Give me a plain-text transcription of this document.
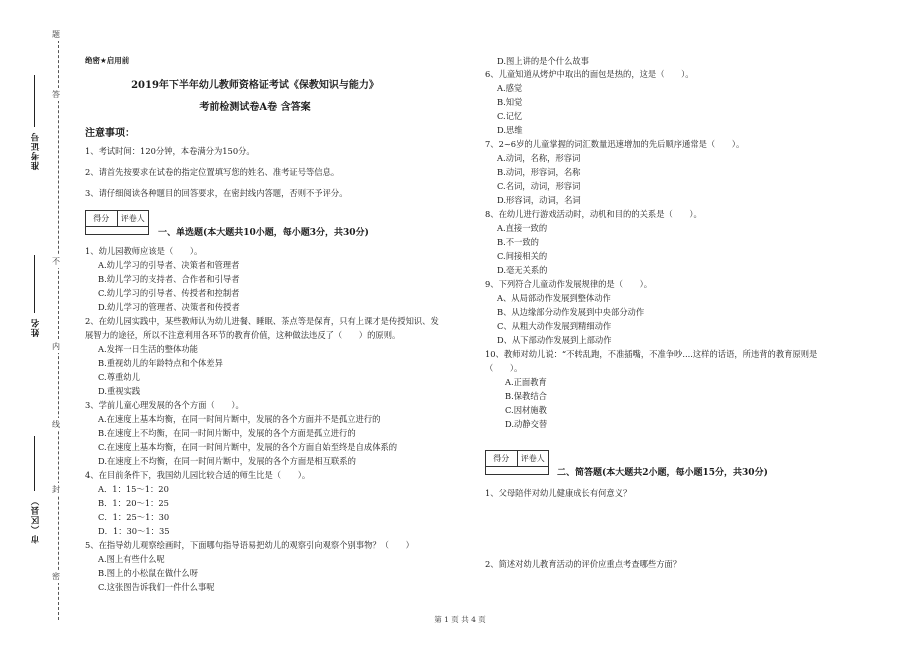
题
答
不
内
线
封
密
准考证号
姓名
市（区县）
绝密★启用前
2019年下半年幼儿教师资格证考试《保教知识与能力》
考前检测试卷A卷 含答案
注意事项：
1、考试时间：120分钟，本卷满分为150分。
2、请首先按要求在试卷的指定位置填写您的姓名、准考证号等信息。
3、请仔细阅读各种题目的回答要求，在密封线内答题，否则不予评分。
得分	评卷人
一、单选题(本大题共10小题，每小题3分，共30分)
1、幼儿园教师应该是（　　）。
A.幼儿学习的引导者、决策者和管理者
B.幼儿学习的支持者、合作者和引导者
C.幼儿学习的引导者、传授者和控制者
D.幼儿学习的管理者、决策者和传授者
2、在幼儿园实践中，某些教师认为幼儿进餐、睡眠、茶点等是保育，只有上课才是传授知识、发
展智力的途径，所以不注意利用各环节的教育价值，这种做法违反了（　　）的原则。
A.发挥一日生活的整体功能
B.重视幼儿的年龄特点和个体差异
C.尊重幼儿
D.重视实践
3、学前儿童心理发展的各个方面（　　）。
A.在速度上基本均衡，在同一时间片断中，发展的各个方面并不是孤立进行的
B.在速度上不均衡，在同一时间片断中，发展的各个方面是孤立进行的
C.在速度上基本均衡，在同一时间片断中，发展的各个方面自始至终是自成体系的
D.在速度上不均衡，在同一时间片断中，发展的各个方面是相互联系的
4、在目前条件下，我国幼儿园比较合适的师生比是（　　）。
A．1：15～1：20
B．1：20～1：25
C．1：25～1：30
D．1：30～1：35
5、在指导幼儿观察绘画时，下面哪句指导语易把幼儿的观察引向观察个别事物？（　　）
A.图上有些什么呢
B.图上的小松鼠在做什么呀
C.这张图告诉我们一件什么事呢
D.图上讲的是个什么故事
6、儿童知道从烤炉中取出的面包是热的，这是（　　）。
A.感觉
B.知觉
C.记忆
D.思维
7、2~6岁的儿童掌握的词汇数量迅速增加的先后顺序通常是（　　）。
A.动词，名称，形容词
B.动词，形容词，名称
C.名词，动词，形容词
D.形容词，动词，名词
8、在幼儿进行游戏活动时，动机和目的的关系是（　　）。
A.直接一致的
B.不一致的
C.间接相关的
D.毫无关系的
9、下列符合儿童动作发展规律的是（　　）。
A、从局部动作发展到整体动作
B、从边缘部分动作发展到中央部分动作
C、从粗大动作发展到精细动作
D、从下部动作发展到上部动作
10、教师对幼儿说：“不转乱跑，不准插嘴，不准争吵....这样的话语，所违背的教育原则是
（　　）。
A.正面教育
B.保教结合
C.因材施教
D.动静交替
得分	评卷人
二、简答题(本大题共2小题，每小题15分，共30分)
1、父母陪伴对幼儿健康成长有何意义？
2、简述对幼儿教育活动的评价应重点考查哪些方面？
第 1 页 共 4 页
